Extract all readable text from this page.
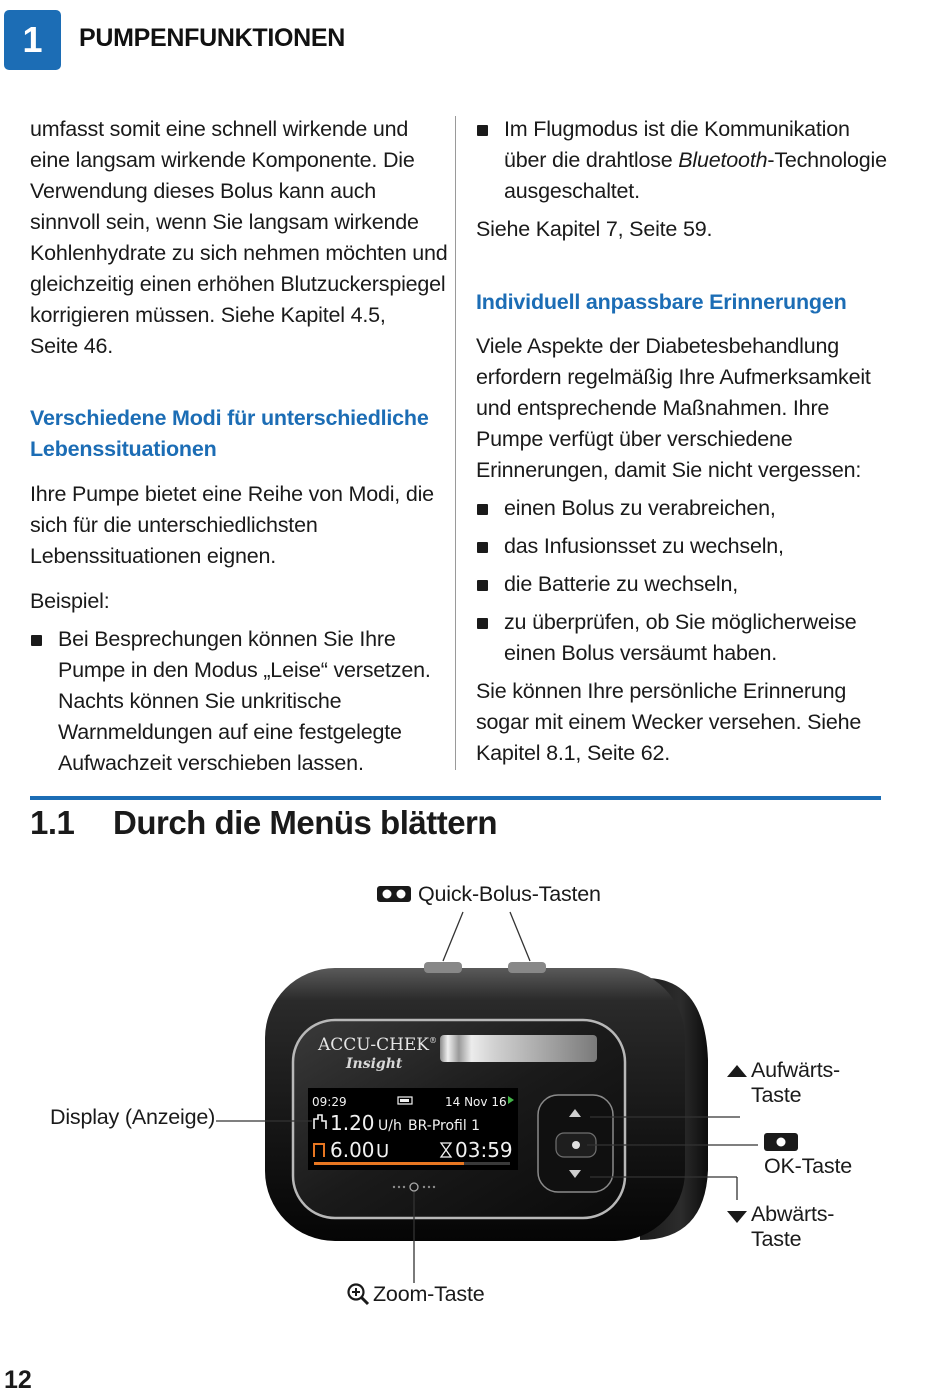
1	PUMPENFUNKTIONEN

umfasst somit eine schnell wirkende und
eine langsam wirkende Komponente. Die
Verwendung dieses Bolus kann auch
sinnvoll sein, wenn Sie langsam wirkende
Kohlenhydrate zu sich nehmen möchten und
gleichzeitig einen erhöhen Blutzuckerspiegel
korrigieren müssen. Siehe Kapitel 4.5,
Seite 46.

Verschiedene Modi für unterschiedliche
Lebenssituationen

Ihre Pumpe bietet eine Reihe von Modi, die
sich für die unterschiedlichsten
Lebenssituationen eignen.

Beispiel:

Bei Besprechungen können Sie Ihre
Pumpe in den Modus „Leise“ versetzen.
Nachts können Sie unkritische
Warnmeldungen auf eine festgelegte
Aufwachzeit verschieben lassen.
Im Flugmodus ist die Kommunikation
über die drahtlose Bluetooth-Technologie
ausgeschaltet.

Siehe Kapitel 7, Seite 59.

Individuell anpassbare Erinnerungen

Viele Aspekte der Diabetesbehandlung
erfordern regelmäßig Ihre Aufmerksamkeit
und entsprechende Maßnahmen. Ihre
Pumpe verfügt über verschiedene
Erinnerungen, damit Sie nicht vergessen:

einen Bolus zu verabreichen,
das Infusionsset zu wechseln,
die Batterie zu wechseln,
zu überprüfen, ob Sie möglicherweise
einen Bolus versäumt haben.

Sie können Ihre persönliche Erinnerung
sogar mit einem Wecker versehen. Siehe
Kapitel 8.1, Seite 62.

1.1 Durch die Menüs blättern
ACCU-CHEK®
Insight
09:29	14 Nov 16
1.20 U/h BR-Profil 1
6.00 U	03:59
Quick-Bolus-Tasten
Display (Anzeige)
Aufwärts-
Taste
OK-Taste
Abwärts-
Taste
Zoom-Taste
12
